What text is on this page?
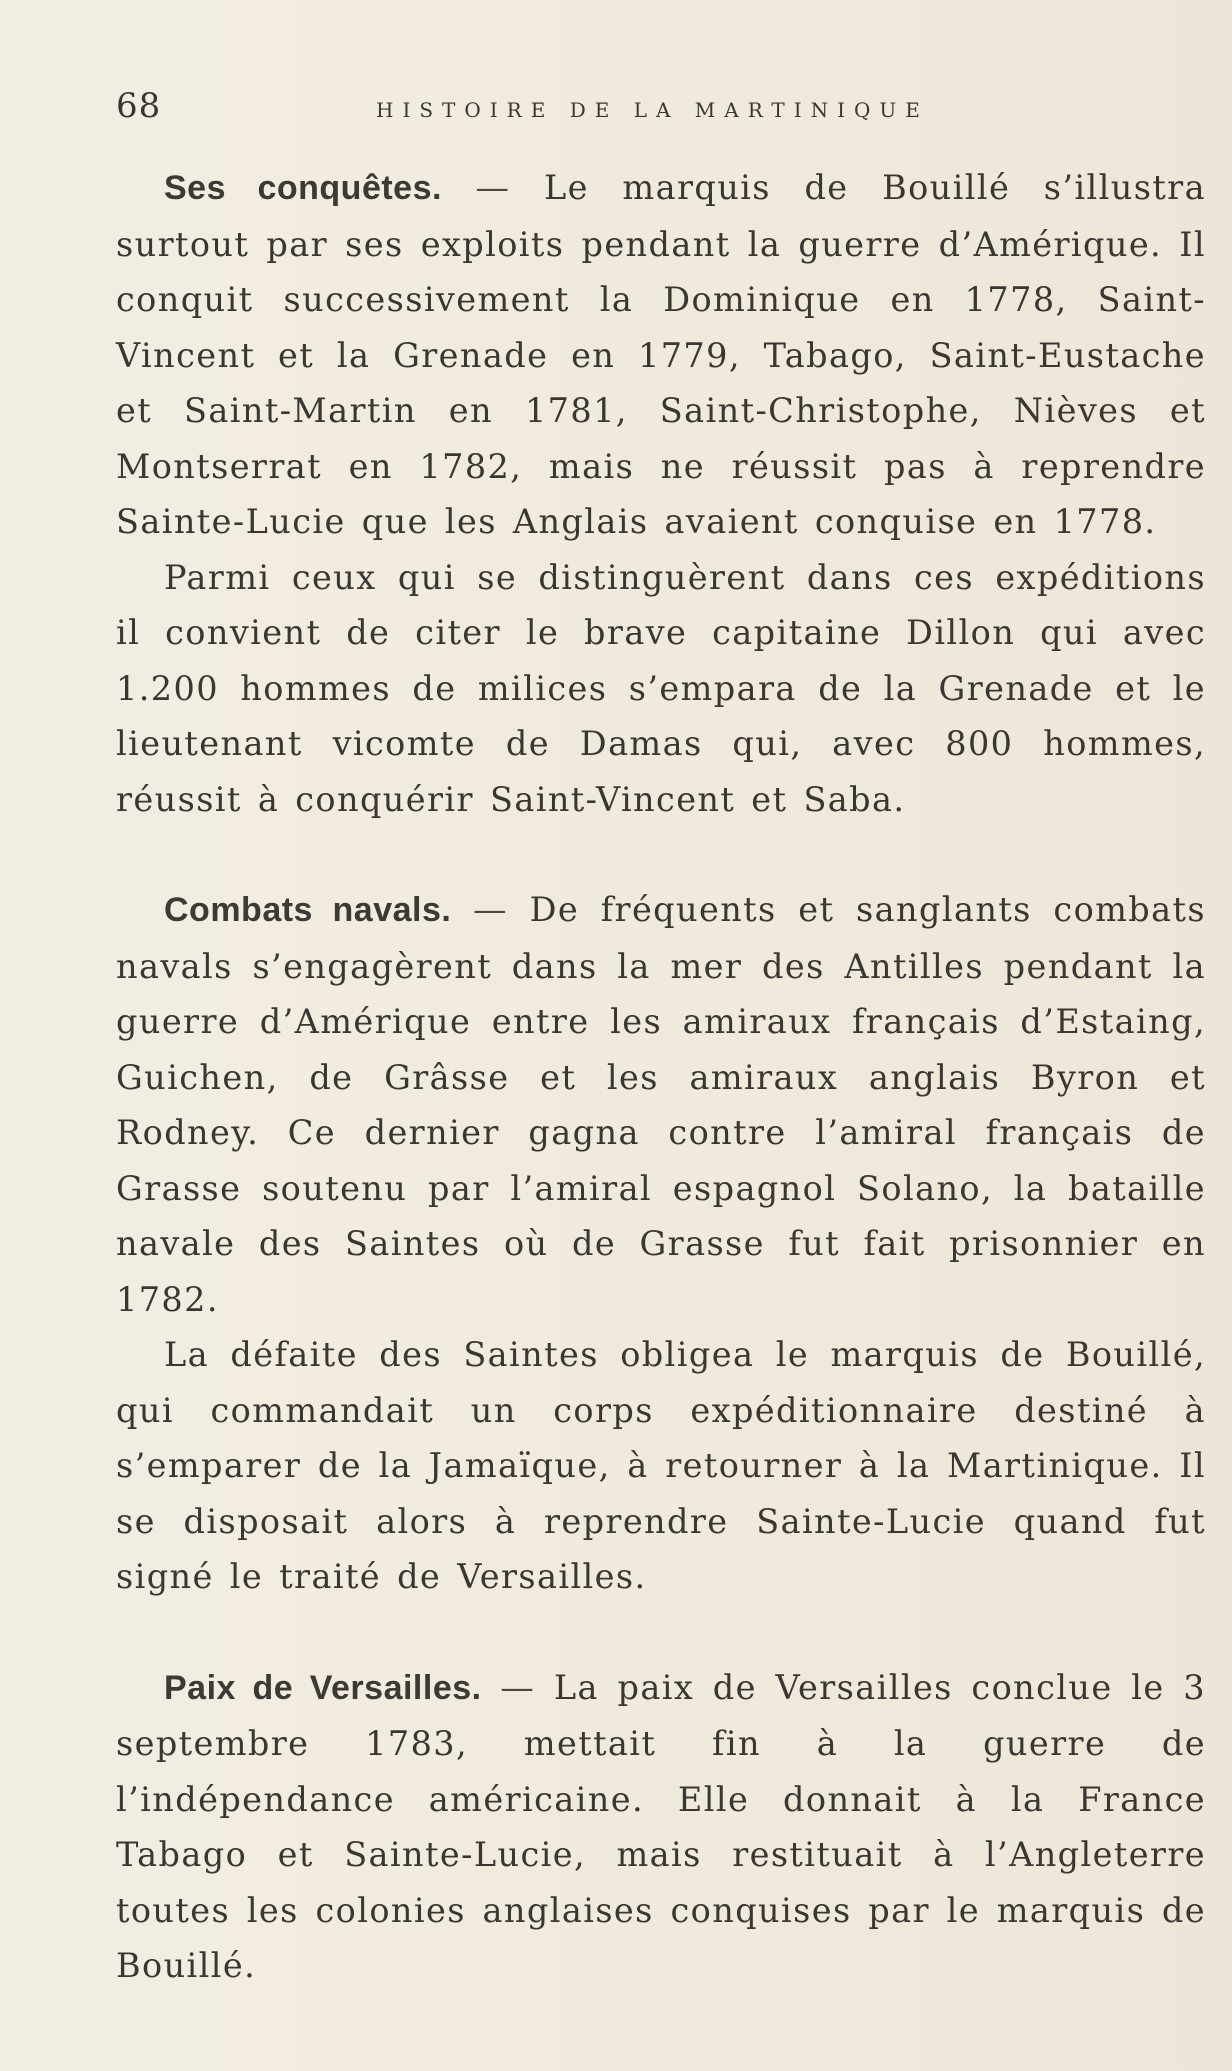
68	HISTOIRE DE LA MARTINIQUE

Ses conquêtes. — Le marquis de Bouillé s’illustra surtout par ses exploits pendant la guerre d’Amérique. Il conquit successivement la Dominique en 1778, Saint-Vincent et la Grenade en 1779, Tabago, Saint-Eustache et Saint-Martin en 1781, Saint-Christophe, Nièves et Montserrat en 1782, mais ne réussit pas à reprendre Sainte-Lucie que les Anglais avaient conquise en 1778.

Parmi ceux qui se distinguèrent dans ces expéditions il convient de citer le brave capitaine Dillon qui avec 1.200 hommes de milices s’empara de la Grenade et le lieutenant vicomte de Damas qui, avec 800 hommes, réussit à conquérir Saint-Vincent et Saba.

Combats navals. — De fréquents et sanglants combats navals s’engagèrent dans la mer des Antilles pendant la guerre d’Amérique entre les amiraux français d’Estaing, Guichen, de Grâsse et les amiraux anglais Byron et Rodney. Ce dernier gagna contre l’amiral français de Grasse soutenu par l’amiral espagnol Solano, la bataille navale des Saintes où de Grasse fut fait prisonnier en 1782.

La défaite des Saintes obligea le marquis de Bouillé, qui commandait un corps expéditionnaire destiné à s’emparer de la Jamaïque, à retourner à la Martinique. Il se disposait alors à reprendre Sainte-Lucie quand fut signé le traité de Versailles.

Paix de Versailles. — La paix de Versailles conclue le 3 septembre 1783, mettait fin à la guerre de l’indépendance américaine. Elle donnait à la France Tabago et Sainte-Lucie, mais restituait à l’Angleterre toutes les colonies anglaises conquises par le marquis de Bouillé.
